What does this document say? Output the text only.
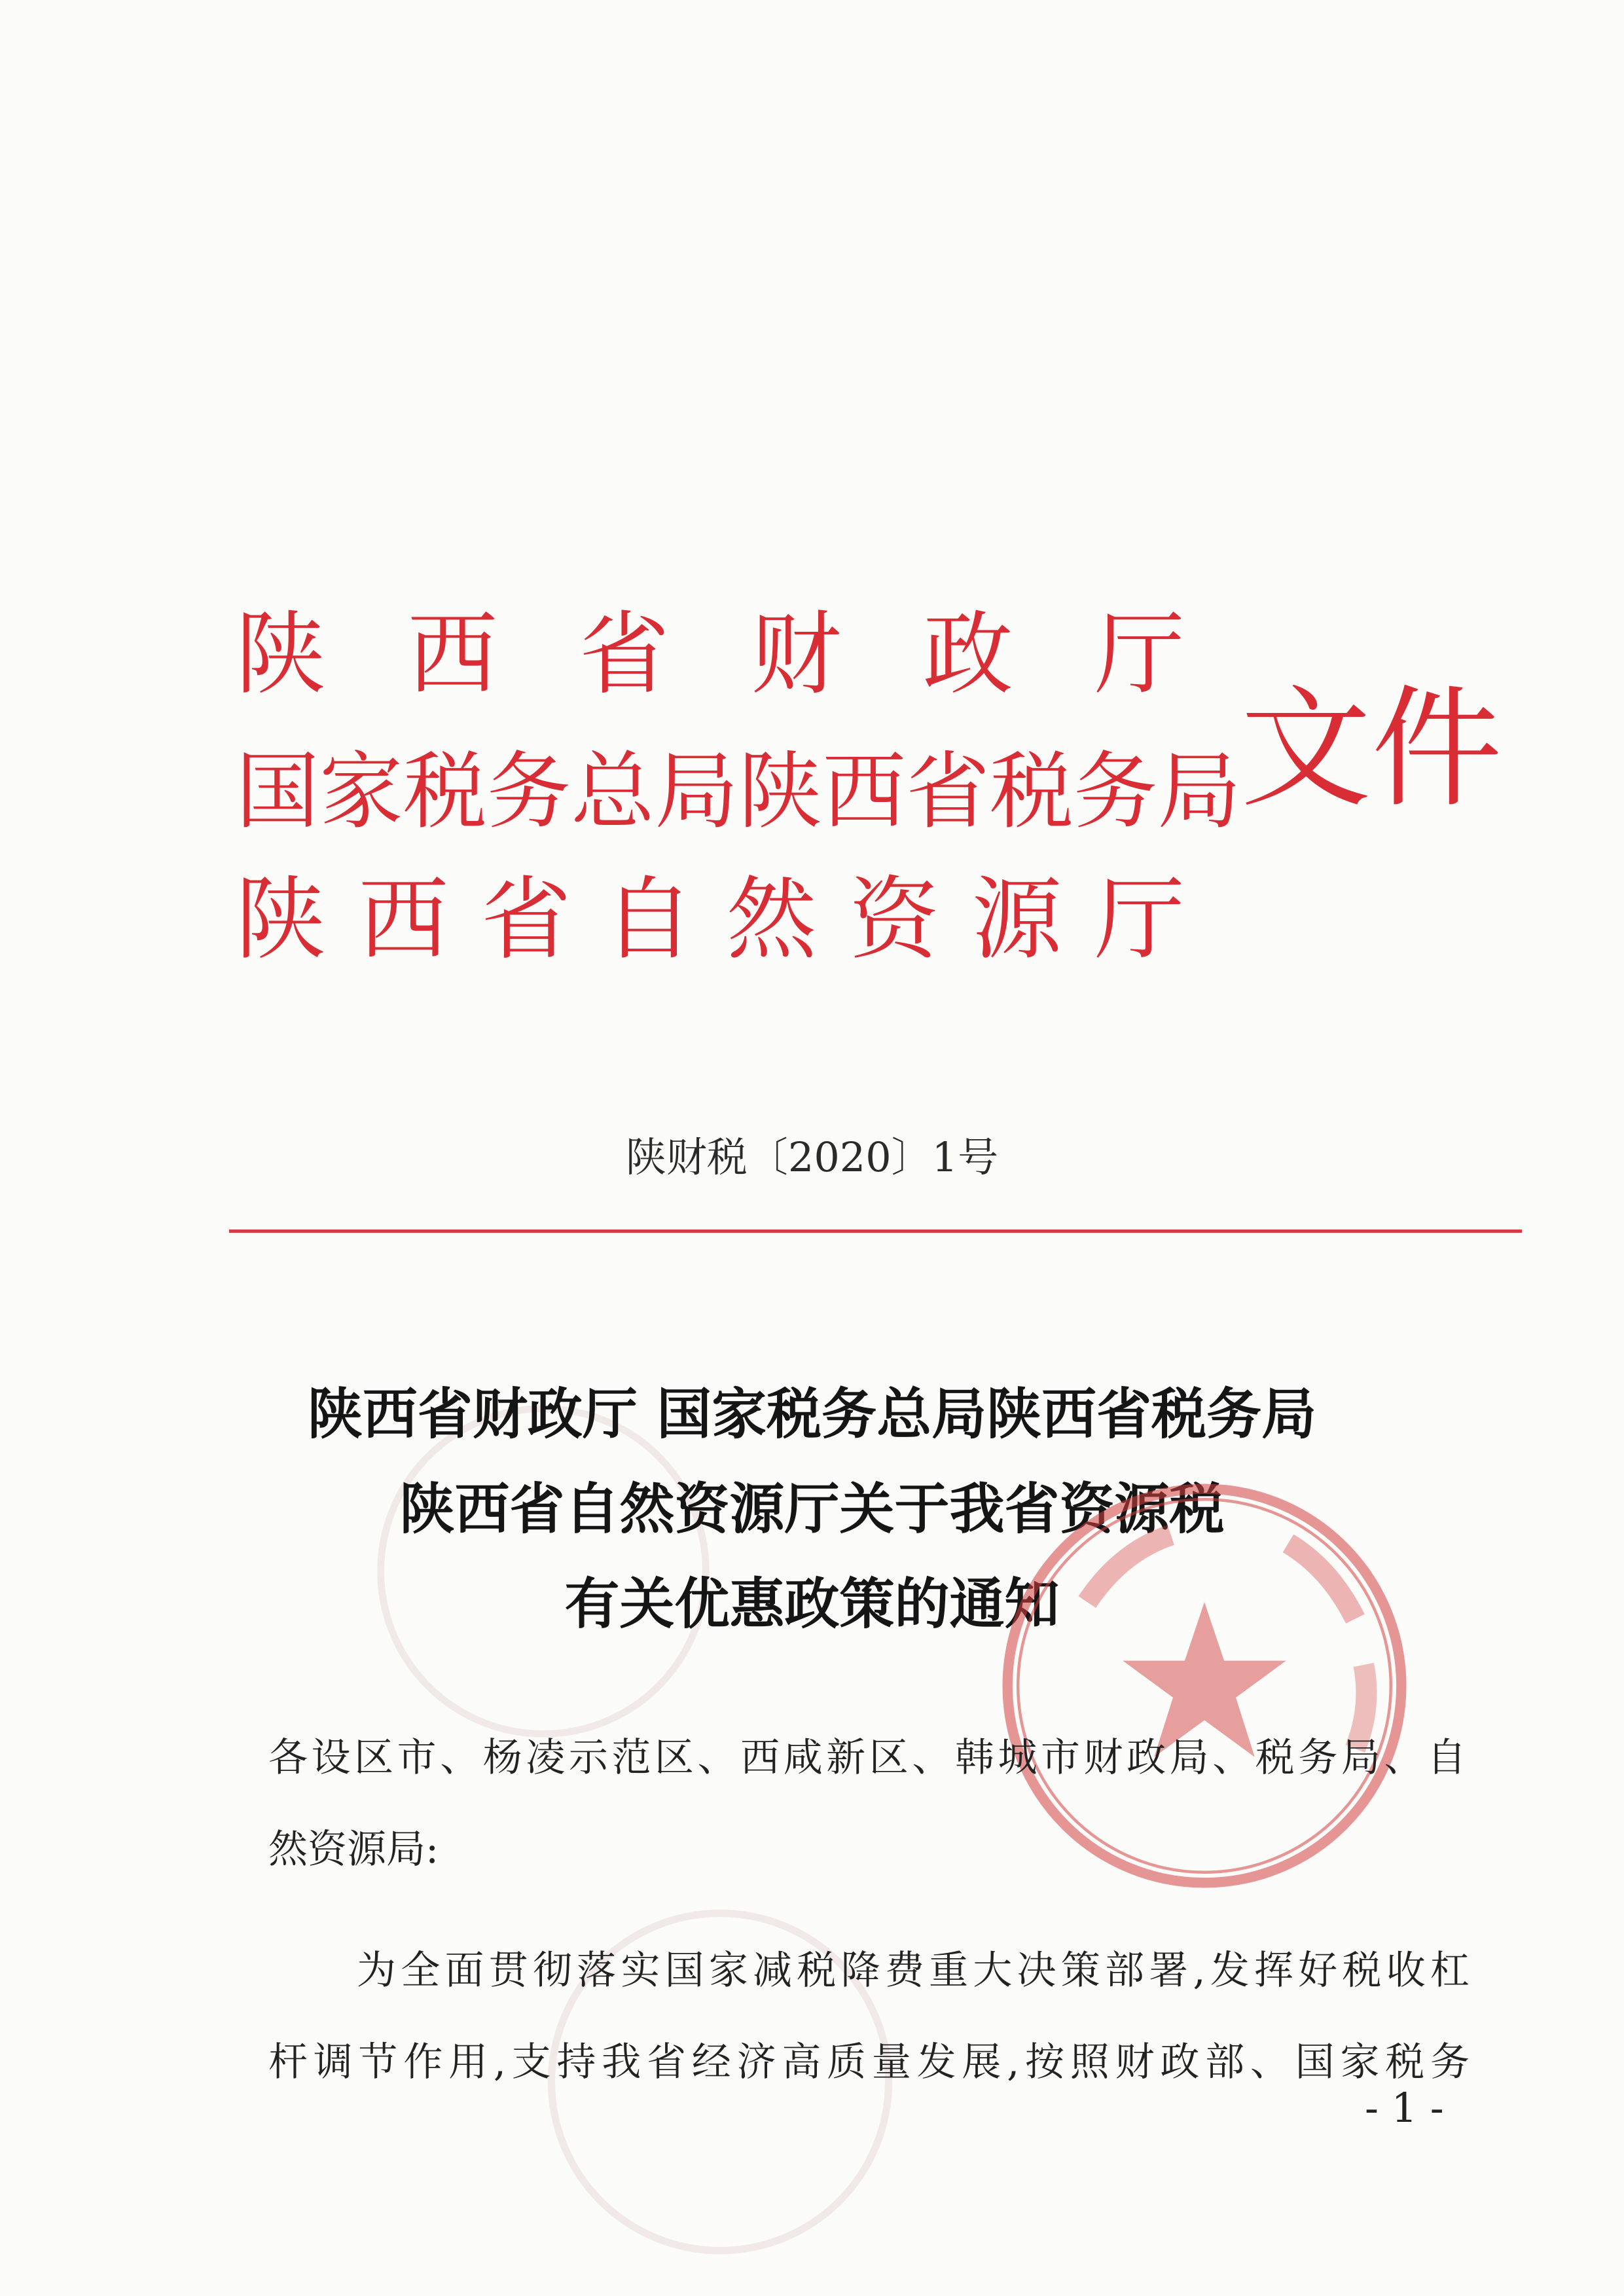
陕 西 省 财 政 厅
国 家 税 务 总 局 陕 西 省 税 务 局
陕 西 省 自 然 资 源 厅
文 件
陕财税〔2020〕1号
陕西省财政厅 国家税务总局陕西省税务局
陕西省自然资源厅关于我省资源税
有关优惠政策的通知
各设区市、杨凌示范区、西咸新区、韩城市财政局、税务局、自
然资源局:
为全面贯彻落实国家减税降费重大决策部署,发挥好税收杠
杆调节作用,支持我省经济高质量发展,按照财政部、国家税务
- 1 -
